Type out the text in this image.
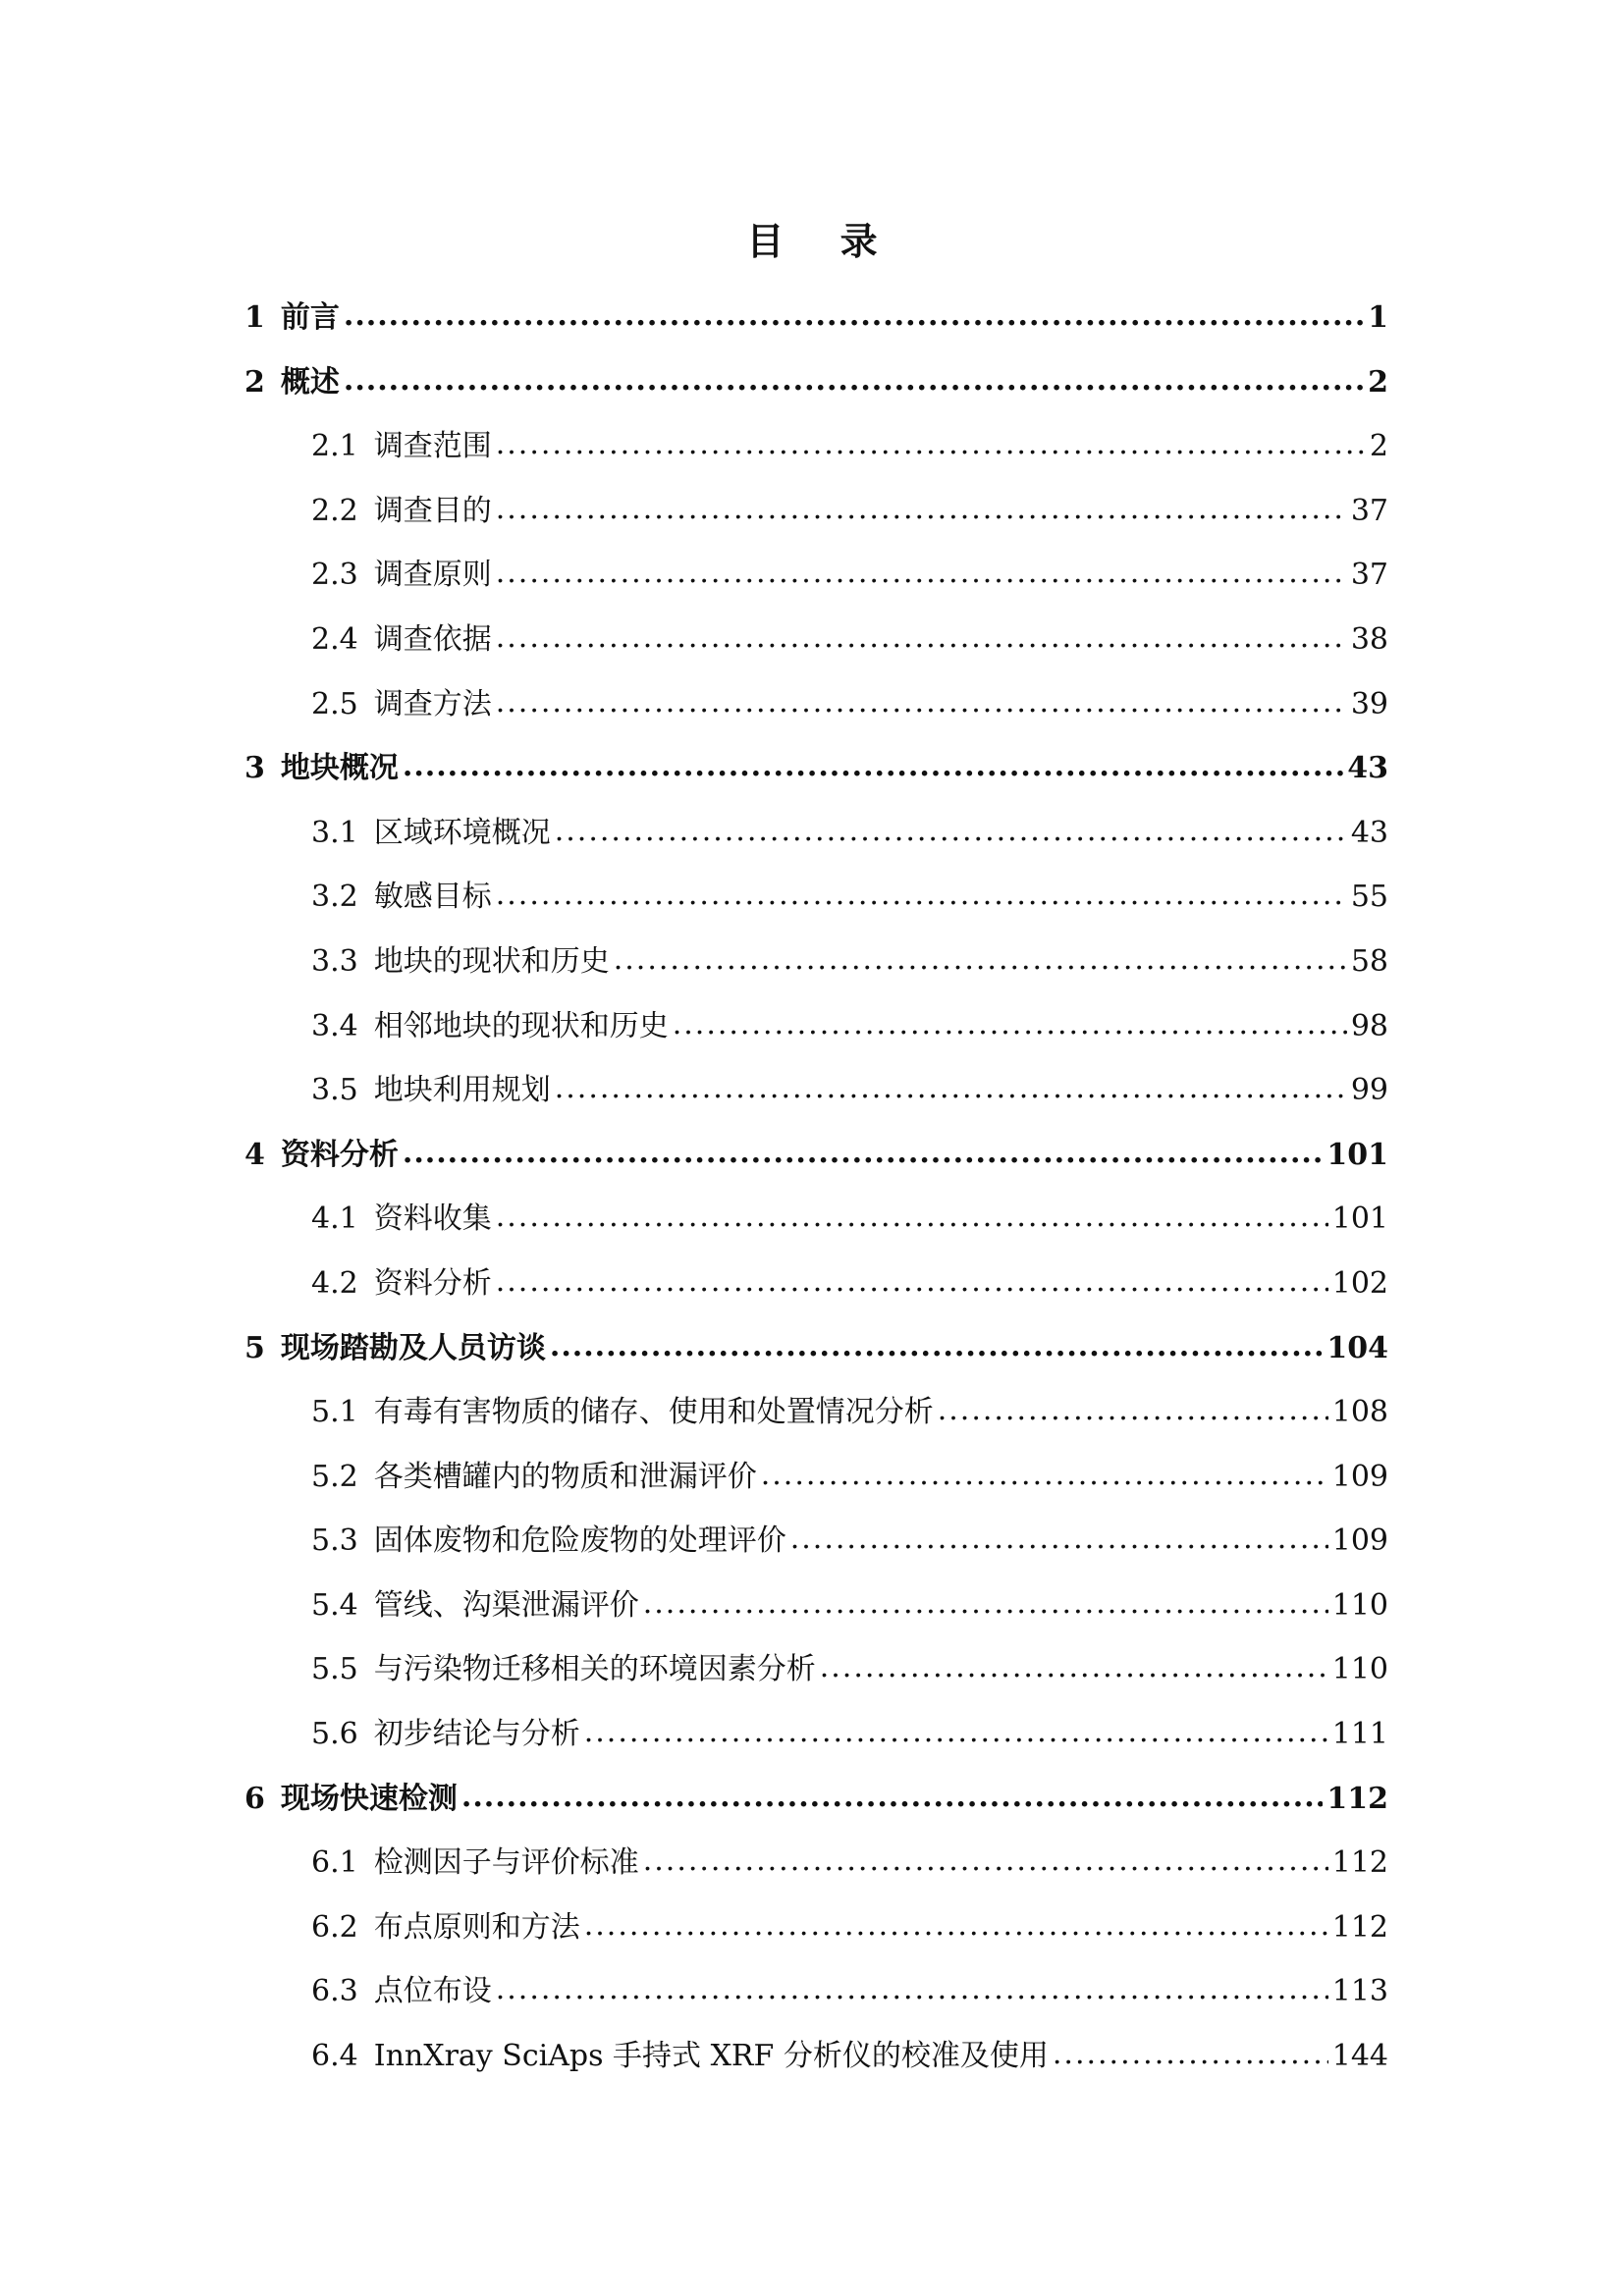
目 录
1 前言 .....	1
2 概述 .....	2
2.1 调查范围 .....	2
2.2 调查目的 .....	37
2.3 调查原则 .....	37
2.4 调查依据 .....	38
2.5 调查方法 .....	39
3 地块概况 .....	43
3.1 区域环境概况 .....	43
3.2 敏感目标 .....	55
3.3 地块的现状和历史 .....	58
3.4 相邻地块的现状和历史 .....	98
3.5 地块利用规划 .....	99
4 资料分析 .....	101
4.1 资料收集 .....	101
4.2 资料分析 .....	102
5 现场踏勘及人员访谈 .....	104
5.1 有毒有害物质的储存、使用和处置情况分析 .....	108
5.2 各类槽罐内的物质和泄漏评价 .....	109
5.3 固体废物和危险废物的处理评价 .....	109
5.4 管线、沟渠泄漏评价 .....	110
5.5 与污染物迁移相关的环境因素分析 .....	110
5.6 初步结论与分析 .....	111
6 现场快速检测 .....	112
6.1 检测因子与评价标准 .....	112
6.2 布点原则和方法 .....	112
6.3 点位布设 .....	113
6.4 InnXray SciAps 手持式 XRF 分析仪的校准及使用 .....	144
